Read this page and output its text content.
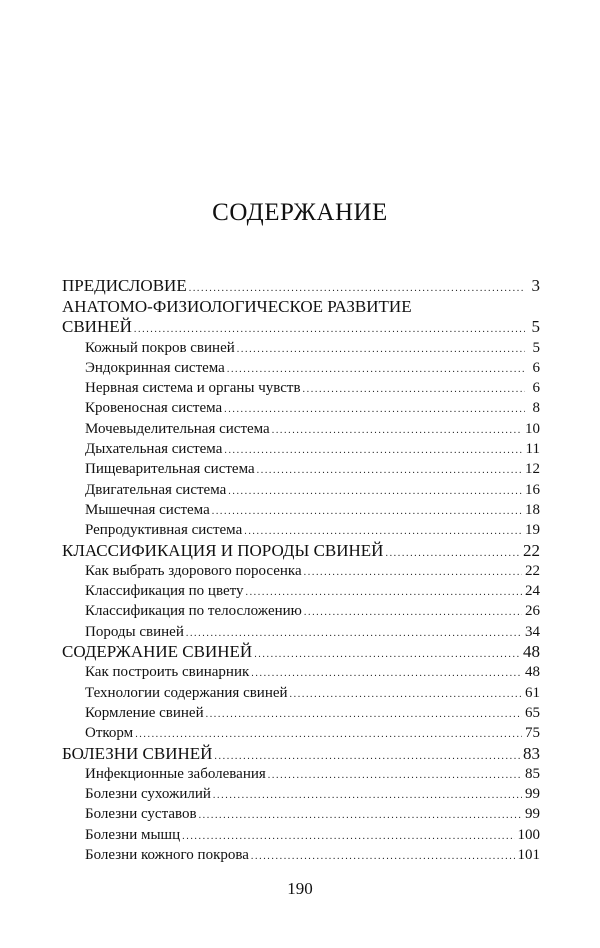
СОДЕРЖАНИЕ
ПРЕДИСЛОВИЕ .....	3
АНАТОМО-ФИЗИОЛОГИЧЕСКОЕ РАЗВИТИЕ
СВИНЕЙ .....	5
Кожный покров свиней .....	5
Эндокринная система .....	6
Нервная система и органы чувств .....	6
Кровеносная система .....	8
Мочевыделительная система .....	10
Дыхательная система .....	11
Пищеварительная система .....	12
Двигательная система .....	16
Мышечная система .....	18
Репродуктивная система .....	19
КЛАССИФИКАЦИЯ И ПОРОДЫ СВИНЕЙ .....	22
Как выбрать здорового поросенка .....	22
Классификация по цвету .....	24
Классификация по телосложению .....	26
Породы свиней .....	34
СОДЕРЖАНИЕ СВИНЕЙ .....	48
Как построить свинарник .....	48
Технологии содержания свиней .....	61
Кормление свиней .....	65
Откорм .....	75
БОЛЕЗНИ СВИНЕЙ .....	83
Инфекционные заболевания .....	85
Болезни сухожилий .....	99
Болезни суставов .....	99
Болезни мышц .....	100
Болезни кожного покрова .....	101
190
